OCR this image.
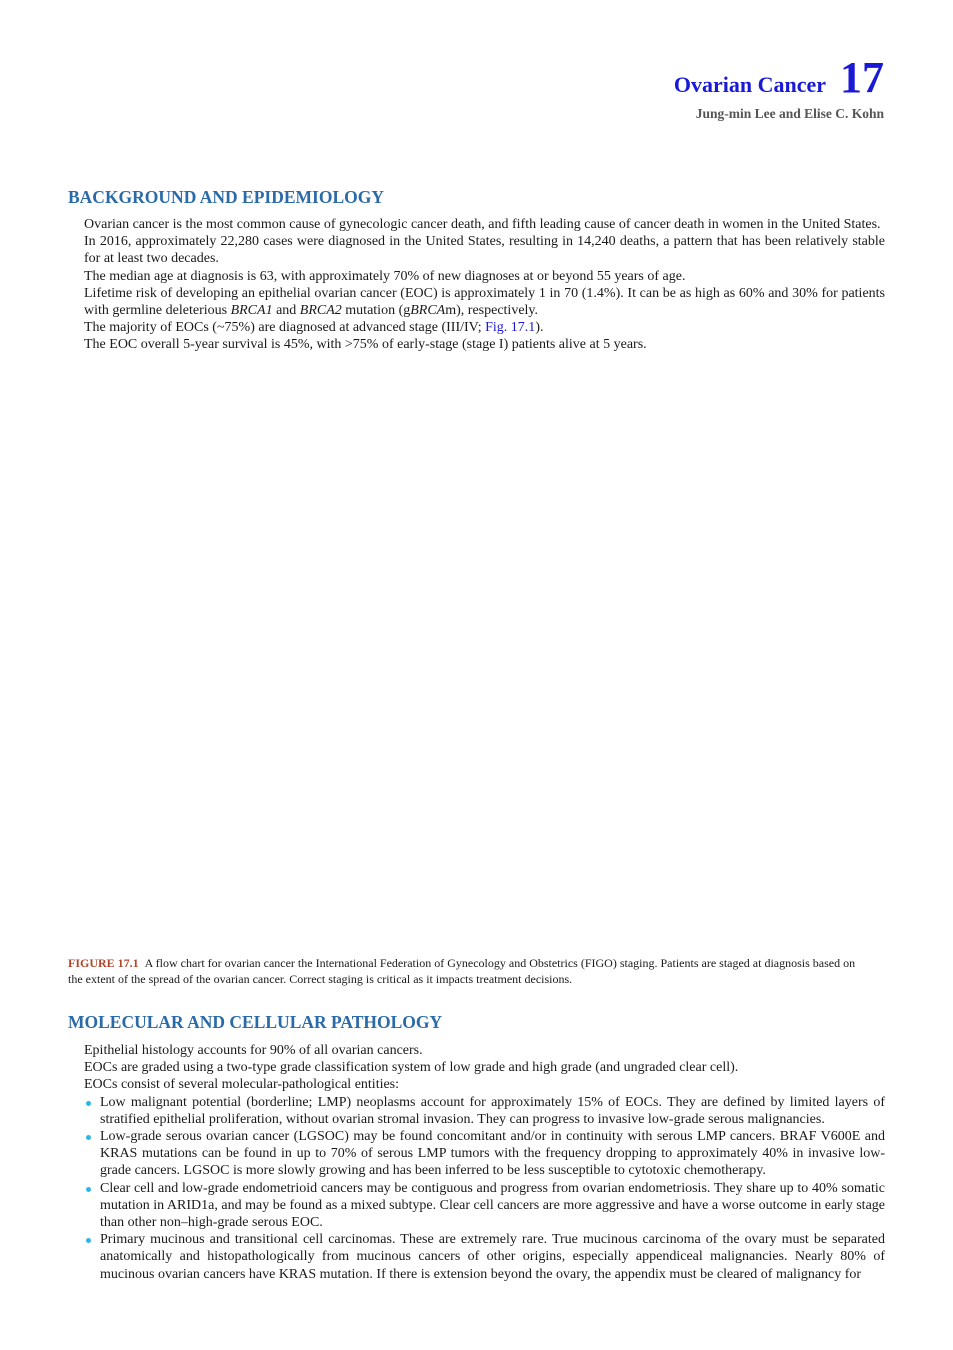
Ovarian Cancer 17
Jung-min Lee and Elise C. Kohn
BACKGROUND AND EPIDEMIOLOGY

Ovarian cancer is the most common cause of gynecologic cancer death, and fifth leading cause of cancer death in women in the United States.

In 2016, approximately 22,280 cases were diagnosed in the United States, resulting in 14,240 deaths, a pattern that has been relatively stable for at least two decades.

The median age at diagnosis is 63, with approximately 70% of new diagnoses at or beyond 55 years of age.

Lifetime risk of developing an epithelial ovarian cancer (EOC) is approximately 1 in 70 (1.4%). It can be as high as 60% and 30% for patients with germline deleterious BRCA1 and BRCA2 mutation (gBRCAm), respectively.

The majority of EOCs (~75%) are diagnosed at advanced stage (III/IV; Fig. 17.1).

The EOC overall 5-year survival is 45%, with >75% of early-stage (stage I) patients alive at 5 years.

FIGURE 17.1 A flow chart for ovarian cancer the International Federation of Gynecology and Obstetrics (FIGO) staging. Patients are staged at diagnosis based on the extent of the spread of the ovarian cancer. Correct staging is critical as it impacts treatment decisions.
MOLECULAR AND CELLULAR PATHOLOGY

Epithelial histology accounts for 90% of all ovarian cancers.

EOCs are graded using a two-type grade classification system of low grade and high grade (and ungraded clear cell).

EOCs consist of several molecular-pathological entities:

Low malignant potential (borderline; LMP) neoplasms account for approximately 15% of EOCs. They are defined by limited layers of stratified epithelial proliferation, without ovarian stromal invasion. They can progress to invasive low-grade serous malignancies.
Low-grade serous ovarian cancer (LGSOC) may be found concomitant and/or in continuity with serous LMP cancers. BRAF V600E and KRAS mutations can be found in up to 70% of serous LMP tumors with the frequency dropping to approximately 40% in invasive low-grade cancers. LGSOC is more slowly growing and has been inferred to be less susceptible to cytotoxic chemotherapy.
Clear cell and low-grade endometrioid cancers may be contiguous and progress from ovarian endometriosis. They share up to 40% somatic mutation in ARID1a, and may be found as a mixed subtype. Clear cell cancers are more aggressive and have a worse outcome in early stage than other non–high-grade serous EOC.
Primary mucinous and transitional cell carcinomas. These are extremely rare. True mucinous carcinoma of the ovary must be separated anatomically and histopathologically from mucinous cancers of other origins, especially appendiceal malignancies. Nearly 80% of mucinous ovarian cancers have KRAS mutation. If there is extension beyond the ovary, the appendix must be cleared of malignancy for
